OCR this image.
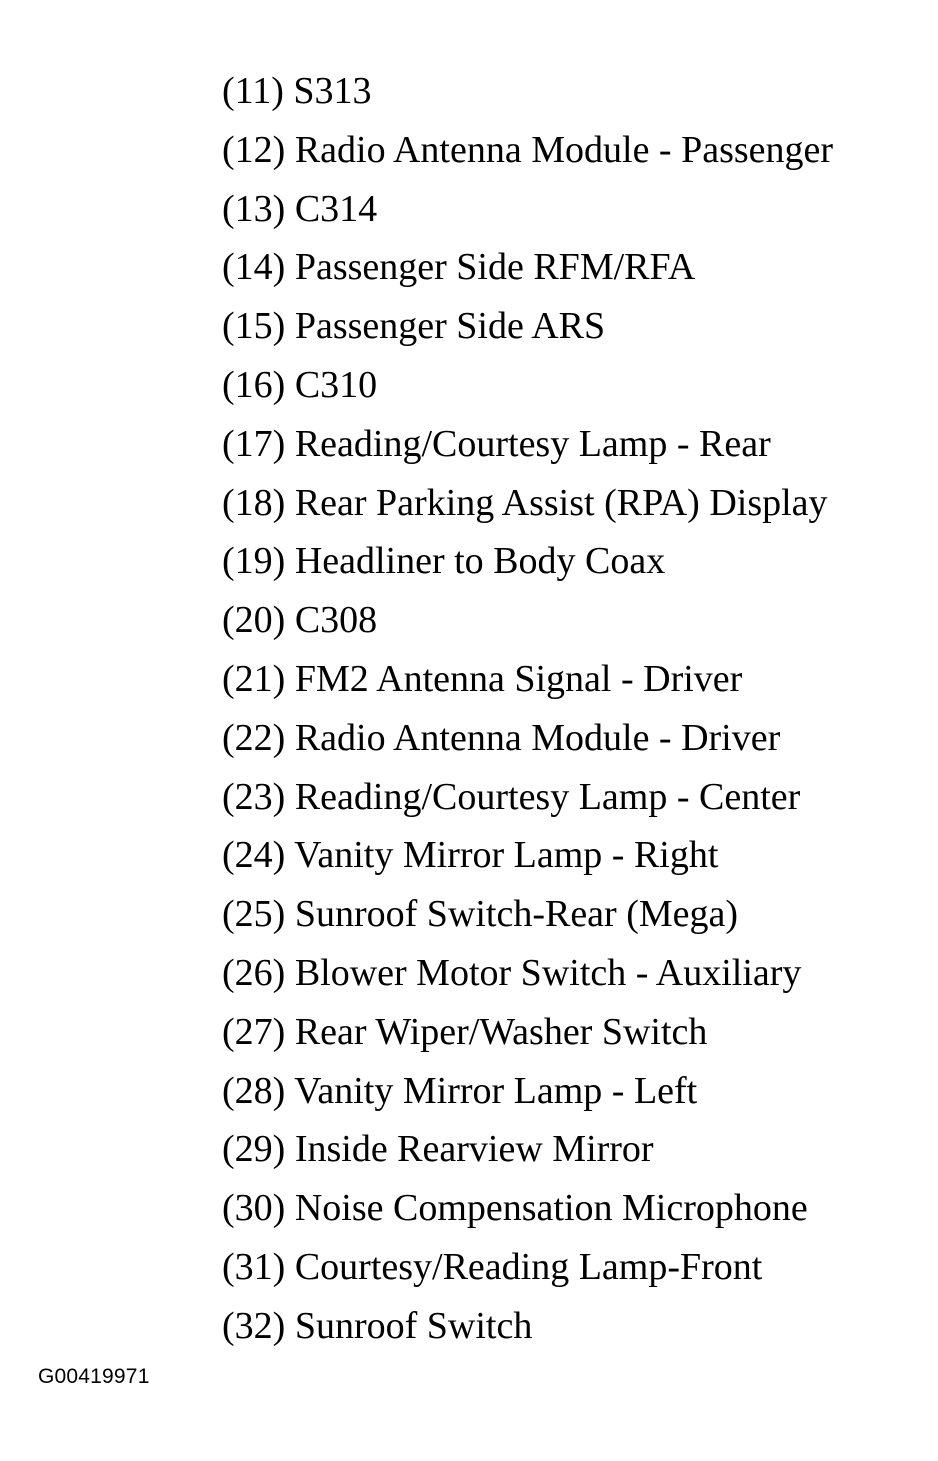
(11) S313
(12) Radio Antenna Module - Passenger
(13) C314
(14) Passenger Side RFM/RFA
(15) Passenger Side ARS
(16) C310
(17) Reading/Courtesy Lamp - Rear
(18) Rear Parking Assist (RPA) Display
(19) Headliner to Body Coax
(20) C308
(21) FM2 Antenna Signal - Driver
(22) Radio Antenna Module - Driver
(23) Reading/Courtesy Lamp - Center
(24) Vanity Mirror Lamp - Right
(25) Sunroof Switch-Rear (Mega)
(26) Blower Motor Switch - Auxiliary
(27) Rear Wiper/Washer Switch
(28) Vanity Mirror Lamp - Left
(29) Inside Rearview Mirror
(30) Noise Compensation Microphone
(31) Courtesy/Reading Lamp-Front
(32) Sunroof Switch
G00419971
